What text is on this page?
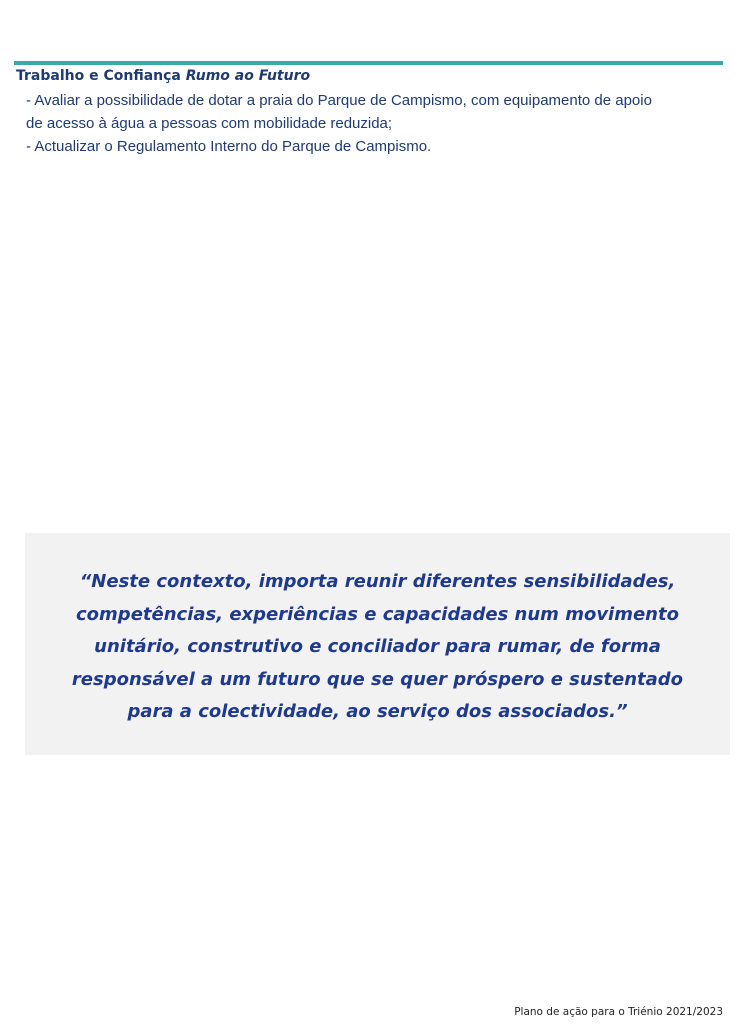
Trabalho e Confiança Rumo ao Futuro

- Avaliar a possibilidade de dotar a praia do Parque de Campismo, com equipamento de apoio
de acesso à água a pessoas com mobilidade reduzida;

- Actualizar o Regulamento Interno do Parque de Campismo.

“Neste contexto, importa reunir diferentes sensibilidades,
competências, experiências e capacidades num movimento
unitário, construtivo e conciliador para rumar, de forma
responsável a um futuro que se quer próspero e sustentado
para a colectividade, ao serviço dos associados.”
Plano de ação para o Triénio 2021/2023
